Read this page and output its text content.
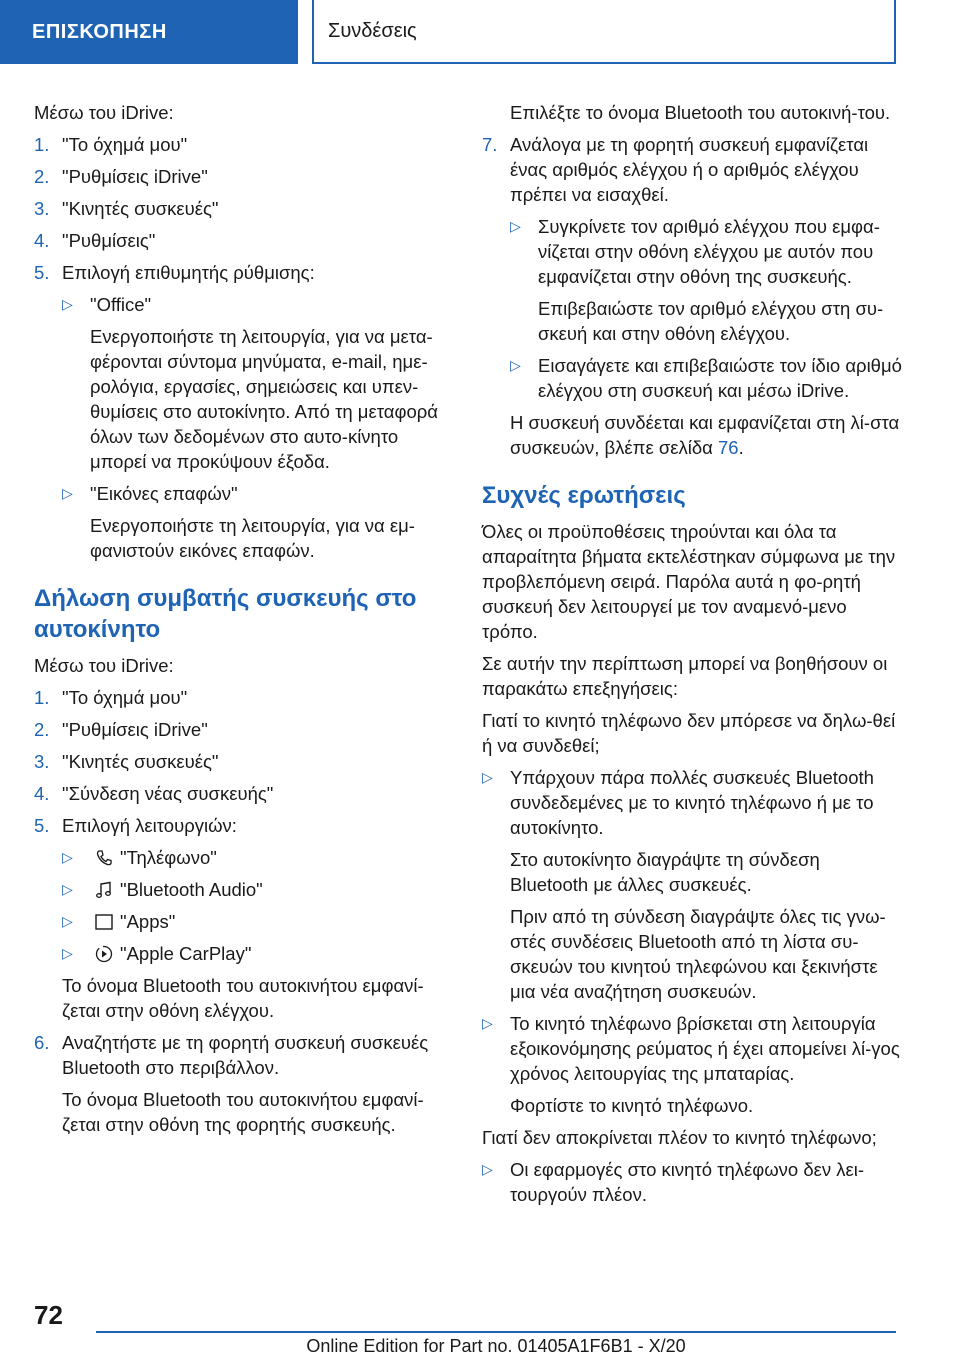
ΕΠΙΣΚΟΠΗΣΗ	Συνδέσεις

Μέσω του iDrive:

1. "Το όχημά μου"
2. "Ρυθμίσεις iDrive"
3. "Κινητές συσκευές"
4. "Ρυθμίσεις"
5. Επιλογή επιθυμητής ρύθμισης:
▷ "Office"

Ενεργοποιήστε τη λειτουργία, για να μετα-φέρονται σύντομα μηνύματα, e-mail, ημε-ρολόγια, εργασίες, σημειώσεις και υπεν-θυμίσεις στο αυτοκίνητο. Από τη μεταφορά όλων των δεδομένων στο αυτο-κίνητο μπορεί να προκύψουν έξοδα.

▷ "Εικόνες επαφών"

Ενεργοποιήστε τη λειτουργία, για να εμ-φανιστούν εικόνες επαφών.

Δήλωση συμβατής συσκευής στο αυτοκίνητο

Μέσω του iDrive:

1. "Το όχημά μου"
2. "Ρυθμίσεις iDrive"
3. "Κινητές συσκευές"
4. "Σύνδεση νέας συσκευής"
5. Επιλογή λειτουργιών:
▷	"Τηλέφωνο"
▷	"Bluetooth Audio"
▷	"Apps"
▷	"Apple CarPlay"

Το όνομα Bluetooth του αυτοκινήτου εμφανί-ζεται στην οθόνη ελέγχου.

6. Αναζητήστε με τη φορητή συσκευή συσκευές Bluetooth στο περιβάλλον.

Το όνομα Bluetooth του αυτοκινήτου εμφανί-ζεται στην οθόνη της φορητής συσκευής.

Επιλέξτε το όνομα Bluetooth του αυτοκινή-του.

7. Ανάλογα με τη φορητή συσκευή εμφανίζεται ένας αριθμός ελέγχου ή ο αριθμός ελέγχου πρέπει να εισαχθεί.
▷ Συγκρίνετε τον αριθμό ελέγχου που εμφα-νίζεται στην οθόνη ελέγχου με αυτόν που εμφανίζεται στην οθόνη της συσκευής.

Επιβεβαιώστε τον αριθμό ελέγχου στη συ-σκευή και στην οθόνη ελέγχου.

▷ Εισαγάγετε και επιβεβαιώστε τον ίδιο αριθμό ελέγχου στη συσκευή και μέσω iDrive.

Η συσκευή συνδέεται και εμφανίζεται στη λί-στα συσκευών, βλέπε σελίδα 76.

Συχνές ερωτήσεις

Όλες οι προϋποθέσεις τηρούνται και όλα τα απαραίτητα βήματα εκτελέστηκαν σύμφωνα με την προβλεπόμενη σειρά. Παρόλα αυτά η φο-ρητή συσκευή δεν λειτουργεί με τον αναμενό-μενο τρόπο.

Σε αυτήν την περίπτωση μπορεί να βοηθήσουν οι παρακάτω επεξηγήσεις:

Γιατί το κινητό τηλέφωνο δεν μπόρεσε να δηλω-θεί ή να συνδεθεί;

▷ Υπάρχουν πάρα πολλές συσκευές Bluetooth συνδεδεμένες με το κινητό τηλέφωνο ή με το αυτοκίνητο.

Στο αυτοκίνητο διαγράψτε τη σύνδεση Bluetooth με άλλες συσκευές.

Πριν από τη σύνδεση διαγράψτε όλες τις γνω-στές συνδέσεις Bluetooth από τη λίστα συ-σκευών του κινητού τηλεφώνου και ξεκινήστε μια νέα αναζήτηση συσκευών.

▷ Το κινητό τηλέφωνο βρίσκεται στη λειτουργία εξοικονόμησης ρεύματος ή έχει απομείνει λί-γος χρόνος λειτουργίας της μπαταρίας.

Φορτίστε το κινητό τηλέφωνο.

Γιατί δεν αποκρίνεται πλέον το κινητό τηλέφωνο;

▷ Οι εφαρμογές στο κινητό τηλέφωνο δεν λει-τουργούν πλέον.
72
Online Edition for Part no. 01405A1F6B1 - X/20
